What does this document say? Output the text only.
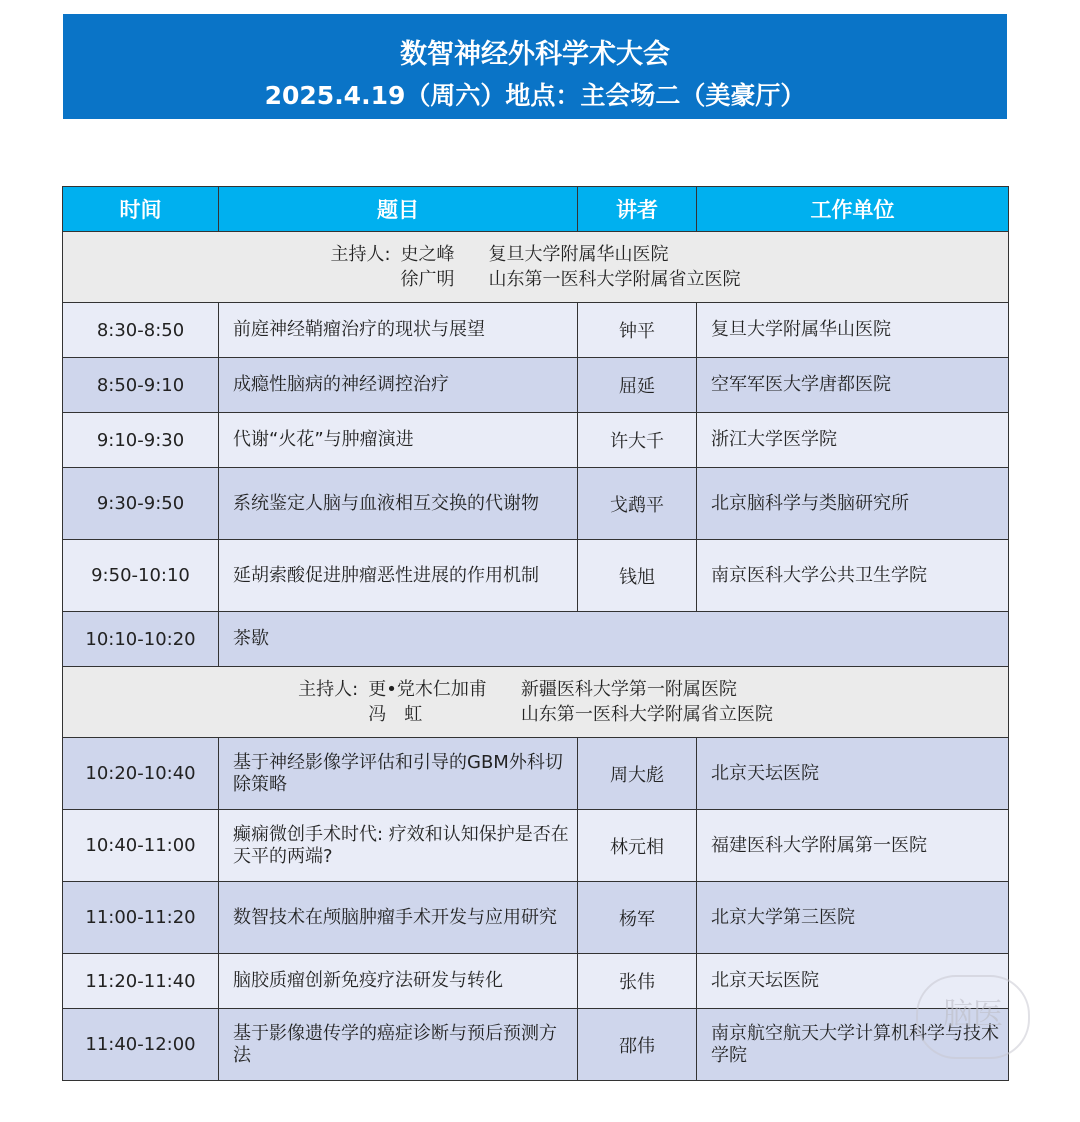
数智神经外科学术大会
2025.4.19（周六）地点：主会场二（美豪厅）
时间	题目	讲者	工作单位

主持人: 史之峰 复旦大学附属华山医院
徐广明 山东第一医科大学附属省立医院			

8:30-8:50	前庭神经鞘瘤治疗的现状与展望	钟平	复旦大学附属华山医院
8:50-9:10	成瘾性脑病的神经调控治疗	屈延	空军军医大学唐都医院
9:10-9:30	代谢“火花”与肿瘤演进	许大千	浙江大学医学院
9:30-9:50	系统鉴定人脑与血液相互交换的代谢物	戈鹉平	北京脑科学与类脑研究所
9:50-10:10	延胡索酸促进肿瘤恶性进展的作用机制	钱旭	南京医科大学公共卫生学院
10:10-10:20	茶歇		

主持人: 更•党木仁加甫 新疆医科大学第一附属医院
冯　虹 山东第一医科大学附属省立医院			

10:20-10:40	基于神经影像学评估和引导的GBM外科切除策略	周大彪	北京天坛医院
10:40-11:00	癫痫微创手术时代: 疗效和认知保护是否在天平的两端?	林元相	福建医科大学附属第一医院
11:00-11:20	数智技术在颅脑肿瘤手术开发与应用研究	杨军	北京大学第三医院
11:20-11:40	脑胶质瘤创新免疫疗法研发与转化	张伟	北京天坛医院
11:40-12:00	基于影像遗传学的癌症诊断与预后预测方法	邵伟	南京航空航天大学计算机科学与技术学院
脑医
